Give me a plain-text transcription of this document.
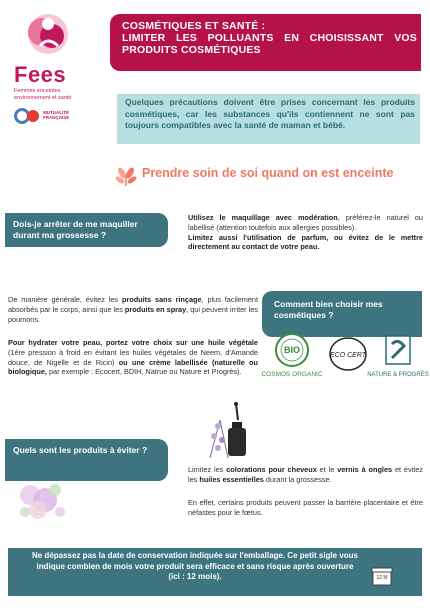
Fees
Femmes enceintes environnement et santé
MUTUALITÉ FRANÇAISE
COSMÉTIQUES ET SANTÉ :
LIMITER LES POLLUANTS EN CHOISISSANT VOS
PRODUITS COSMÉTIQUES
Quelques précautions doivent être prises concernant les produits cosmétiques, car les substances qu'ils contiennent ne sont pas toujours compatibles avec la santé de maman et bébé.
Prendre soin de soi quand on est enceinte
Dois-je arrêter de me maquiller durant ma grossesse ?
Utilisez le maquillage avec modération, préférez-le naturel ou labellisé (attention toutefois aux allergies possibles).
Limitez aussi l'utilisation de parfum, ou évitez de le mettre directement au contact de votre peau.
De manière générale, évitez les produits sans rinçage, plus facilement absorbés par le corps, ainsi que les produits en spray, qui peuvent irriter les poumons.
Pour hydrater votre peau, portez votre choix sur une huile végétale (1ère pression à froid en évitant les huiles végétales de Neem, d'Amande douce, de Nigelle et de Ricin) ou une crème labellisée (naturelle ou biologique, par exemple : Ecocert, BDIH, Natrue ou Nature et Progrès).
Comment bien choisir mes cosmétiques ?
BIO
COSMOS ORGANIC
ECO CERT
NATURE & PROGRÈS
Quels sont les produits à éviter ?
Limitez les colorations pour cheveux et le vernis à ongles et évitez les huiles essentielles durant la grossesse.
En effet, certains produits peuvent passer la barrière placentaire et être néfastes pour le fœtus.
Ne dépassez pas la date de conservation indiquée sur l'emballage. Ce petit sigle vous indique combien de mois votre produit sera efficace et sans risque après ouverture (ici : 12 mois).	12 M
